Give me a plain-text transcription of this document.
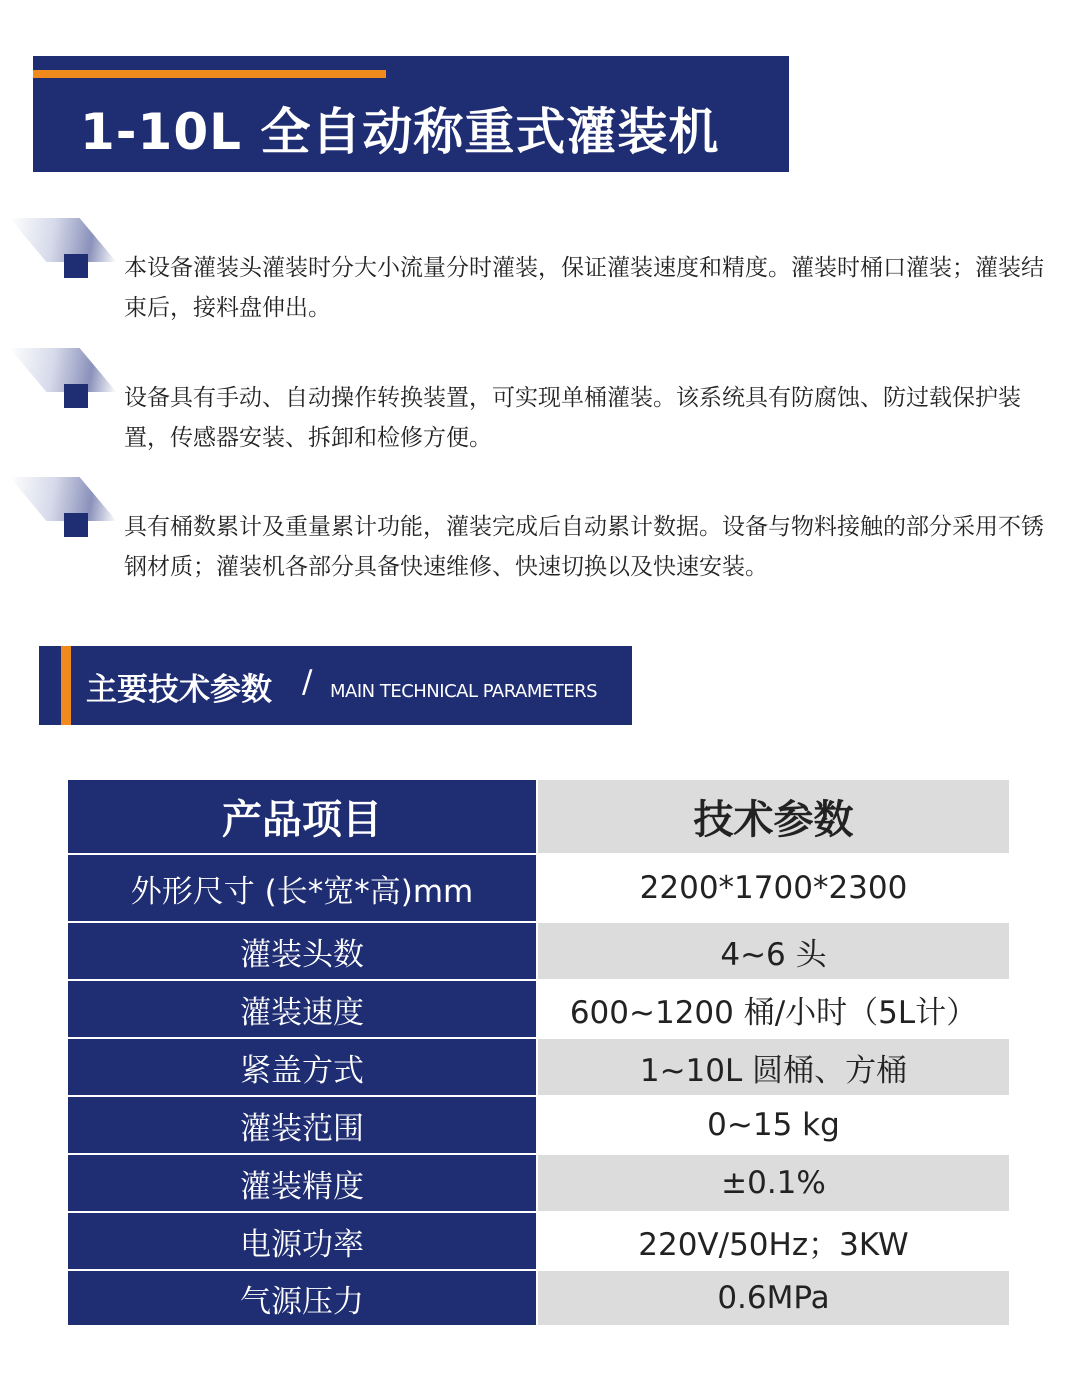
1-10L 全自动称重式灌装机
本设备灌装头灌装时分大小流量分时灌装，保证灌装速度和精度。灌装时桶口灌装；灌装结束后，接料盘伸出。
设备具有手动、自动操作转换装置，可实现单桶灌装。该系统具有防腐蚀、防过载保护装置，传感器安装、拆卸和检修方便。
具有桶数累计及重量累计功能，灌装完成后自动累计数据。设备与物料接触的部分采用不锈钢材质；灌装机各部分具备快速维修、快速切换以及快速安装。
主要技术参数 / MAIN TECHNICAL PARAMETERS
产品项目	技术参数
外形尺寸 (长*宽*高)mm	2200*1700*2300
灌装头数	4~6 头
灌装速度	600~1200 桶/小时（5L计）
紧盖方式	1~10L 圆桶、方桶
灌装范围	0~15 kg
灌装精度	±0.1%
电源功率	220V/50Hz；3KW
气源压力	0.6MPa
